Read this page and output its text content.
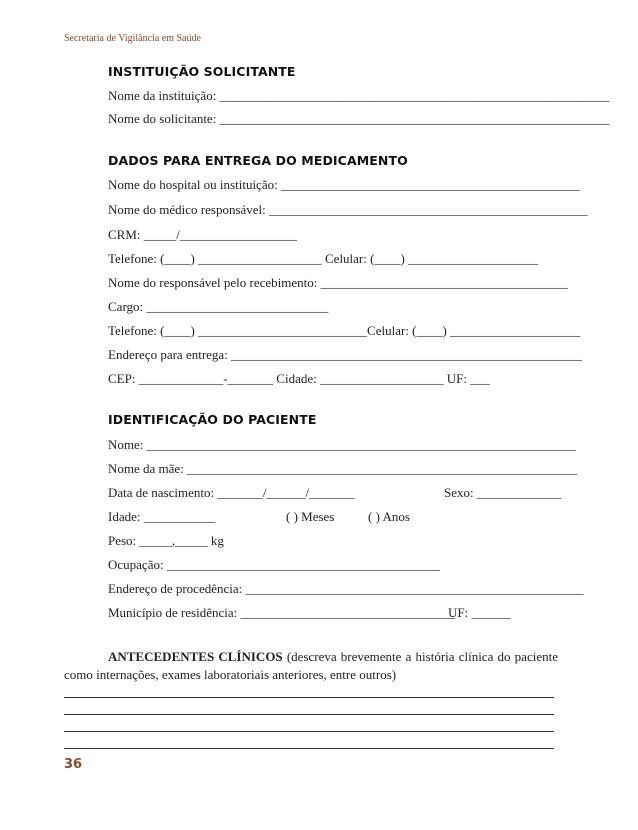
Secretaria de Vigilância em Saúde
INSTITUIÇÃO SOLICITANTE
Nome da instituição: ____________________________________________________________
Nome do solicitante: ____________________________________________________________
DADOS PARA ENTREGA DO MEDICAMENTO
Nome do hospital ou instituição: ______________________________________________
Nome do médico responsável: _________________________________________________
CRM: _____/__________________
Telefone: (____) ___________________ Celular: (____) ____________________
Nome do responsável pelo recebimento: ______________________________________
Cargo: ____________________________
Telefone: (____) __________________________Celular: (____) ____________________
Endereço para entrega: ______________________________________________________
CEP: _____________-_______ Cidade: ___________________ UF: ___
IDENTIFICAÇÃO DO PACIENTE
Nome: __________________________________________________________________
Nome da mãe: ____________________________________________________________
Data de nascimento: _______/______/_______	Sexo: _____________
Idade: ___________	( ) Meses	( ) Anos
Peso: _____,_____ kg
Ocupação: __________________________________________
Endereço de procedência: ____________________________________________________
Município de residência: _________________________________
UF: ______
ANTECEDENTES CLÍNICOS (descreva brevemente a história clínica do paciente como internações, exames laboratoriais anteriores, entre outros)
36
